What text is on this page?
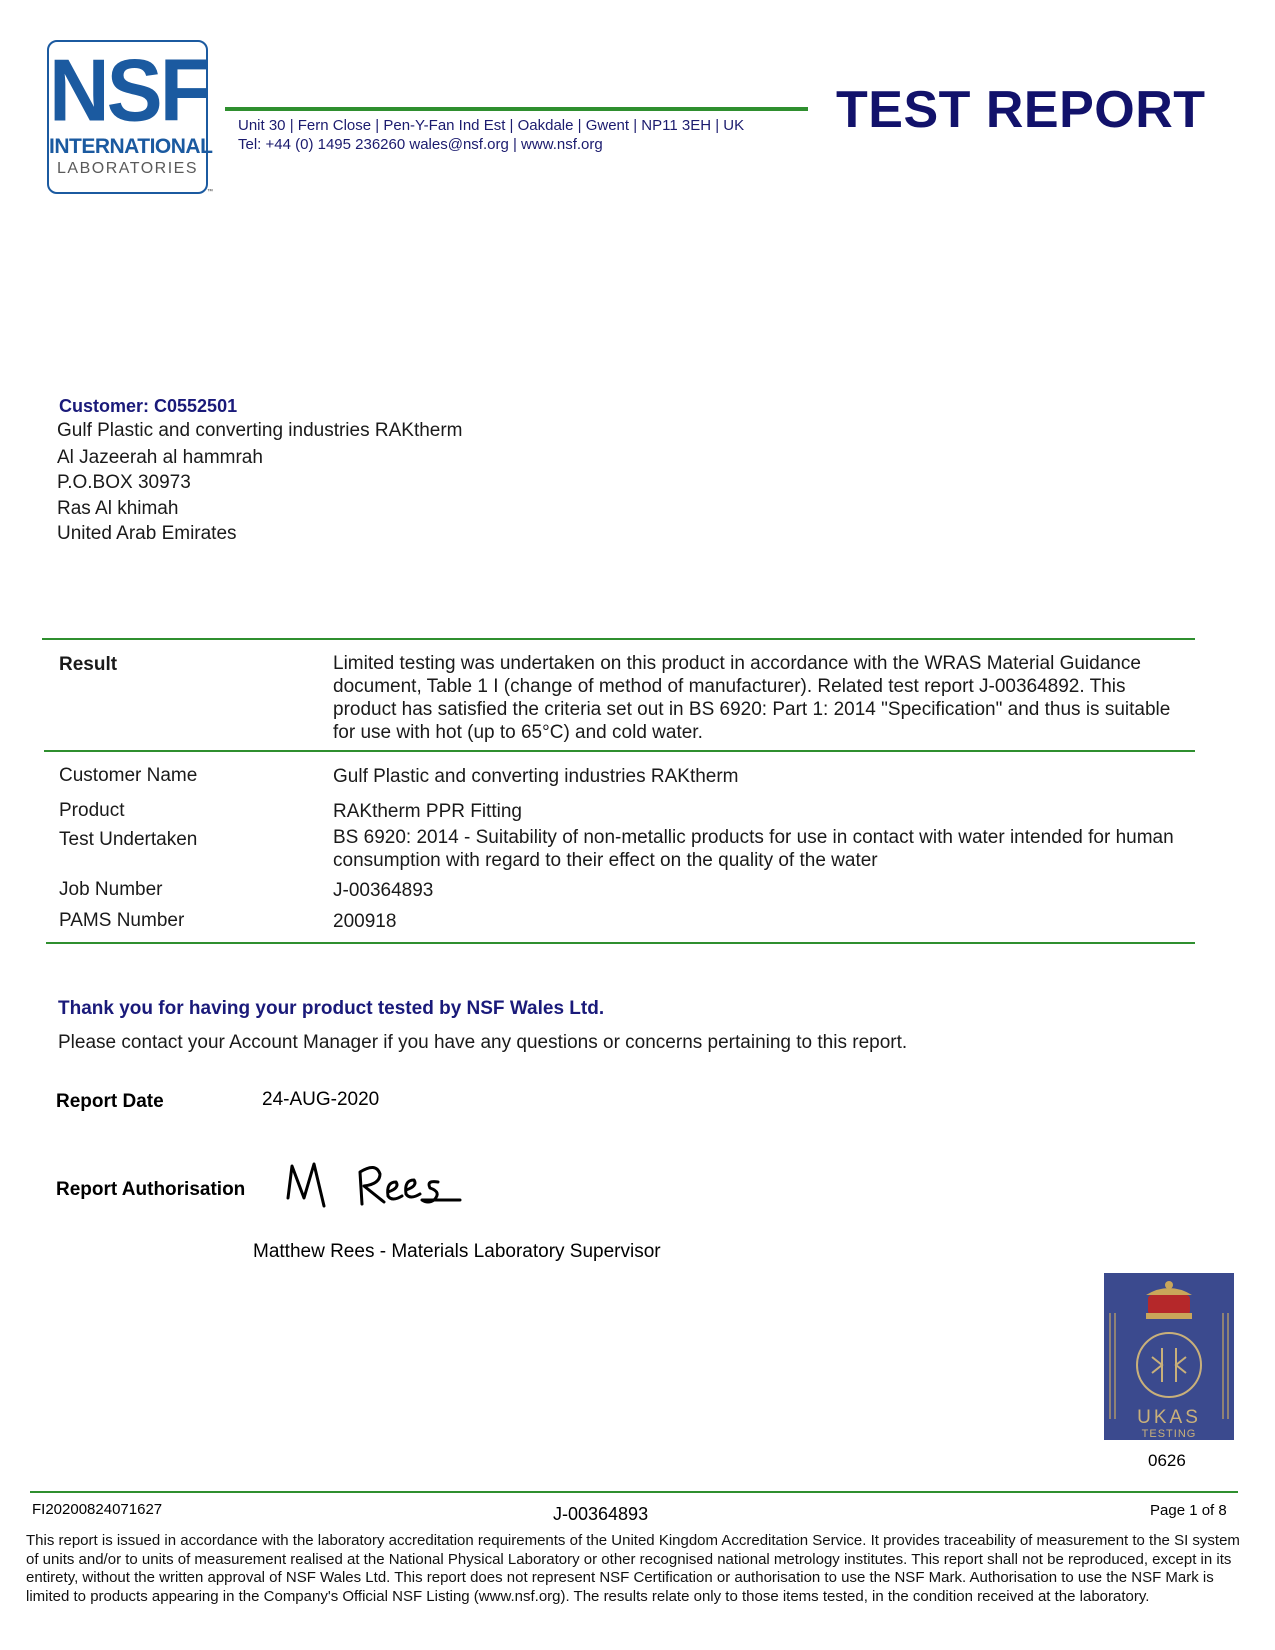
NSF
INTERNATIONAL
LABORATORIES
™
Unit 30 | Fern Close | Pen-Y-Fan Ind Est | Oakdale | Gwent | NP11 3EH | UK
Tel: +44 (0) 1495 236260 wales@nsf.org | www.nsf.org
TEST REPORT
Customer: C0552501
Gulf Plastic and converting industries RAKtherm
Al Jazeerah al hammrah
P.O.BOX 30973
Ras Al khimah
United Arab Emirates
Result	Limited testing was undertaken on this product in accordance with the WRAS Material Guidance document, Table 1 I (change of method of manufacturer). Related test report J-00364892. This product has satisfied the criteria set out in BS 6920: Part 1: 2014 "Specification" and thus is suitable for use with hot (up to 65°C) and cold water.
Customer Name	Gulf Plastic and converting industries RAKtherm
Product	RAKtherm PPR Fitting
Test Undertaken	BS 6920: 2014 - Suitability of non-metallic products for use in contact with water intended for human consumption with regard to their effect on the quality of the water
Job Number	J-00364893
PAMS Number	200918
Thank you for having your product tested by NSF Wales Ltd.
Please contact your Account Manager if you have any questions or concerns pertaining to this report.
Report Date	24-AUG-2020
Report Authorisation
Matthew Rees - Materials Laboratory Supervisor
UKAS
TESTING
0626
FI20200824071627	J-00364893	Page 1 of 8
This report is issued in accordance with the laboratory accreditation requirements of the United Kingdom Accreditation Service. It provides traceability of measurement to the SI system of units and/or to units of measurement realised at the National Physical Laboratory or other recognised national metrology institutes. This report shall not be reproduced, except in its entirety, without the written approval of NSF Wales Ltd. This report does not represent NSF Certification or authorisation to use the NSF Mark. Authorisation to use the NSF Mark is limited to products appearing in the Company's Official NSF Listing (www.nsf.org). The results relate only to those items tested, in the condition received at the laboratory.
